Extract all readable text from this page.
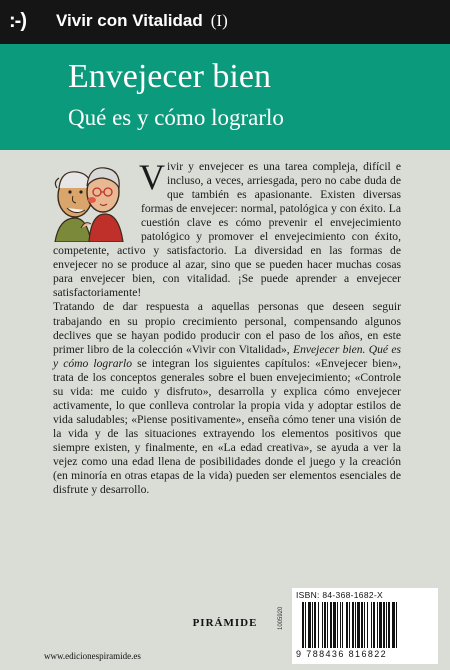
:-) Vivir con Vitalidad (I)
Envejecer bien
Qué es y cómo lograrlo

Vivir y envejecer es una tarea compleja, difícil e incluso, a veces, arriesgada, pero no cabe duda de que también es apasionante. Existen diversas formas de envejecer: normal, patológica y con éxito. La cuestión clave es cómo prevenir el envejecimiento patológico y promover el envejecimiento con éxito, competente, activo y satisfactorio. La diversidad en las formas de envejecer no se produce al azar, sino que se pueden hacer muchas cosas para envejecer bien, con vitalidad. ¡Se puede aprender a envejecer satisfactoriamente!

Tratando de dar respuesta a aquellas personas que deseen seguir trabajando en su propio crecimiento personal, compensando algunos declives que se hayan podido producir con el paso de los años, en este primer libro de la colección «Vivir con Vitalidad», Envejecer bien. Qué es y cómo lograrlo se integran los siguientes capítulos: «Envejecer bien», trata de los conceptos generales sobre el buen envejecimiento; «Controle su vida: me cuido y disfruto», desarrolla y explica cómo envejecer activamente, lo que conlleva controlar la propia vida y adoptar estilos de vida saludables; «Piense positivamente», enseña cómo tener una visión de la vida y de las situaciones extrayendo los elementos positivos que siempre existen, y finalmente, en «La edad creativa», se ayuda a ver la vejez como una edad llena de posibilidades donde el juego y la creación (en minoría en otras etapas de la vida) pueden ser elementos esenciales de disfrute y desarrollo.

1005920
ISBN: 84-368-1682-X
9 788436 816822
PIRÁMIDE
www.edicionespiramide.es
